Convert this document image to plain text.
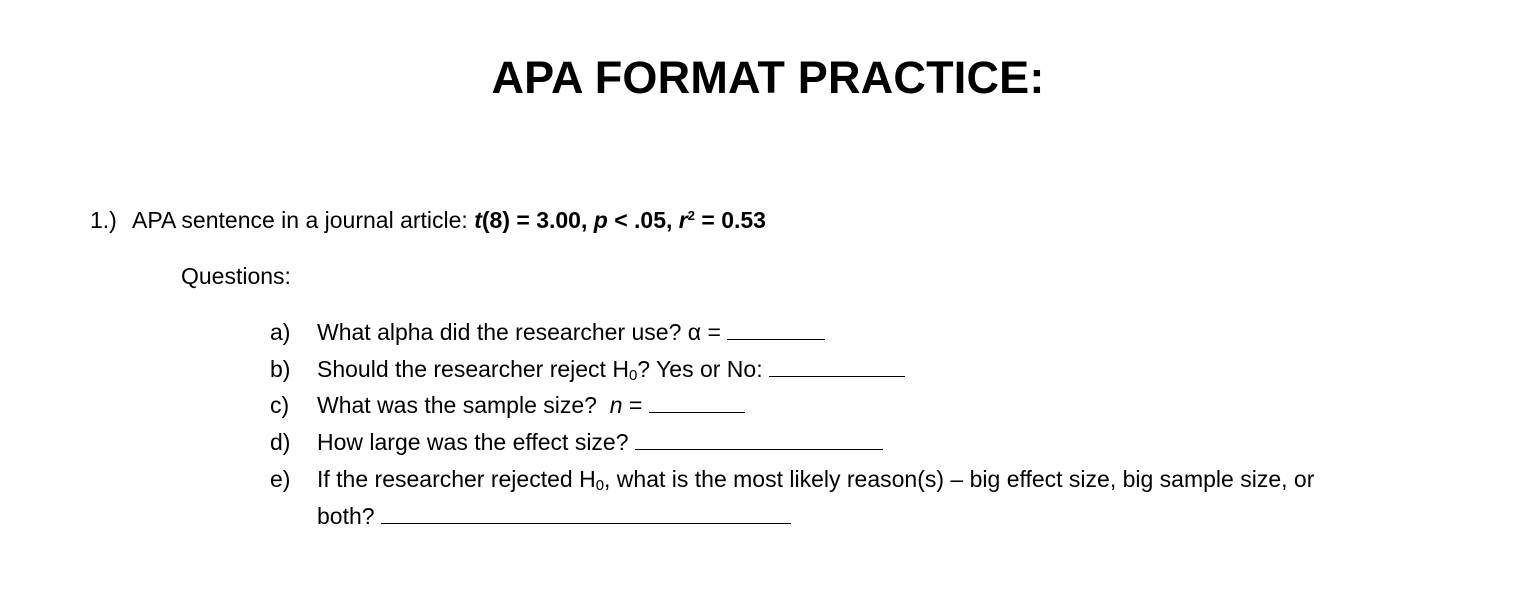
APA FORMAT PRACTICE:
1.) APA sentence in a journal article: t(8) = 3.00, p < .05, $r^2 = 0.53$
Questions:
a) What alpha did the researcher use? α =
b) Should the researcher reject H0? Yes or No:
c) What was the sample size? n =
d) How large was the effect size?
e) If the researcher rejected H0, what is the most likely reason(s) – big effect size, big sample size, or
both?
